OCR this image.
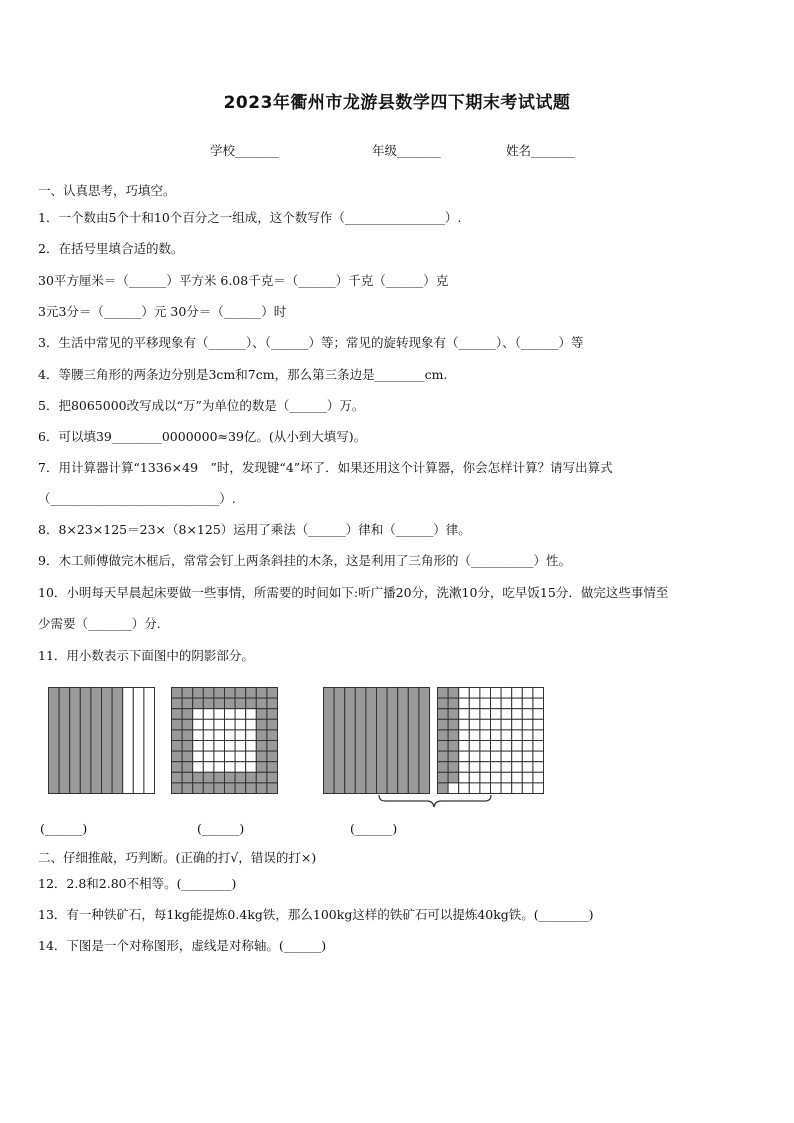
2023年衢州市龙游县数学四下期末考试试题
学校_______	年级_______	姓名_______
一、认真思考，巧填空。
1．一个数由5个十和10个百分之一组成，这个数写作（________________）.
2．在括号里填合适的数。
30平方厘米＝（______）平方米 6.08千克＝（______）千克（______）克
3元3分＝（______）元 30分＝（______）时
3．生活中常见的平移现象有（______）、（______）等；常见的旋转现象有（______）、（______）等
4．等腰三角形的两条边分别是3cm和7cm，那么第三条边是________cm.
5．把8065000改写成以“万”为单位的数是（______）万。
6．可以填39________0000000≈39亿。(从小到大填写)。
7．用计算器计算“1336×49　”时，发现键“4”坏了．如果还用这个计算器，你会怎样计算？请写出算式
（___________________________）.
8．8×23×125＝23×（8×125）运用了乘法（______）律和（______）律。
9．木工师傅做完木框后，常常会钉上两条斜挂的木条，这是利用了三角形的（__________）性。
10．小明每天早晨起床要做一些事情，所需要的时间如下:听广播20分，洗漱10分，吃早饭15分．做完这些事情至
少需要（_______）分.
11．用小数表示下面图中的阴影部分。
(______)	(______)	(______)
二、仔细推敲，巧判断。(正确的打√，错误的打×)
12．2.8和2.80不相等。(________)
13．有一种铁矿石，每1kg能提炼0.4kg铁，那么100kg这样的铁矿石可以提炼40kg铁。(________)
14．下图是一个对称图形，虚线是对称轴。(______)
